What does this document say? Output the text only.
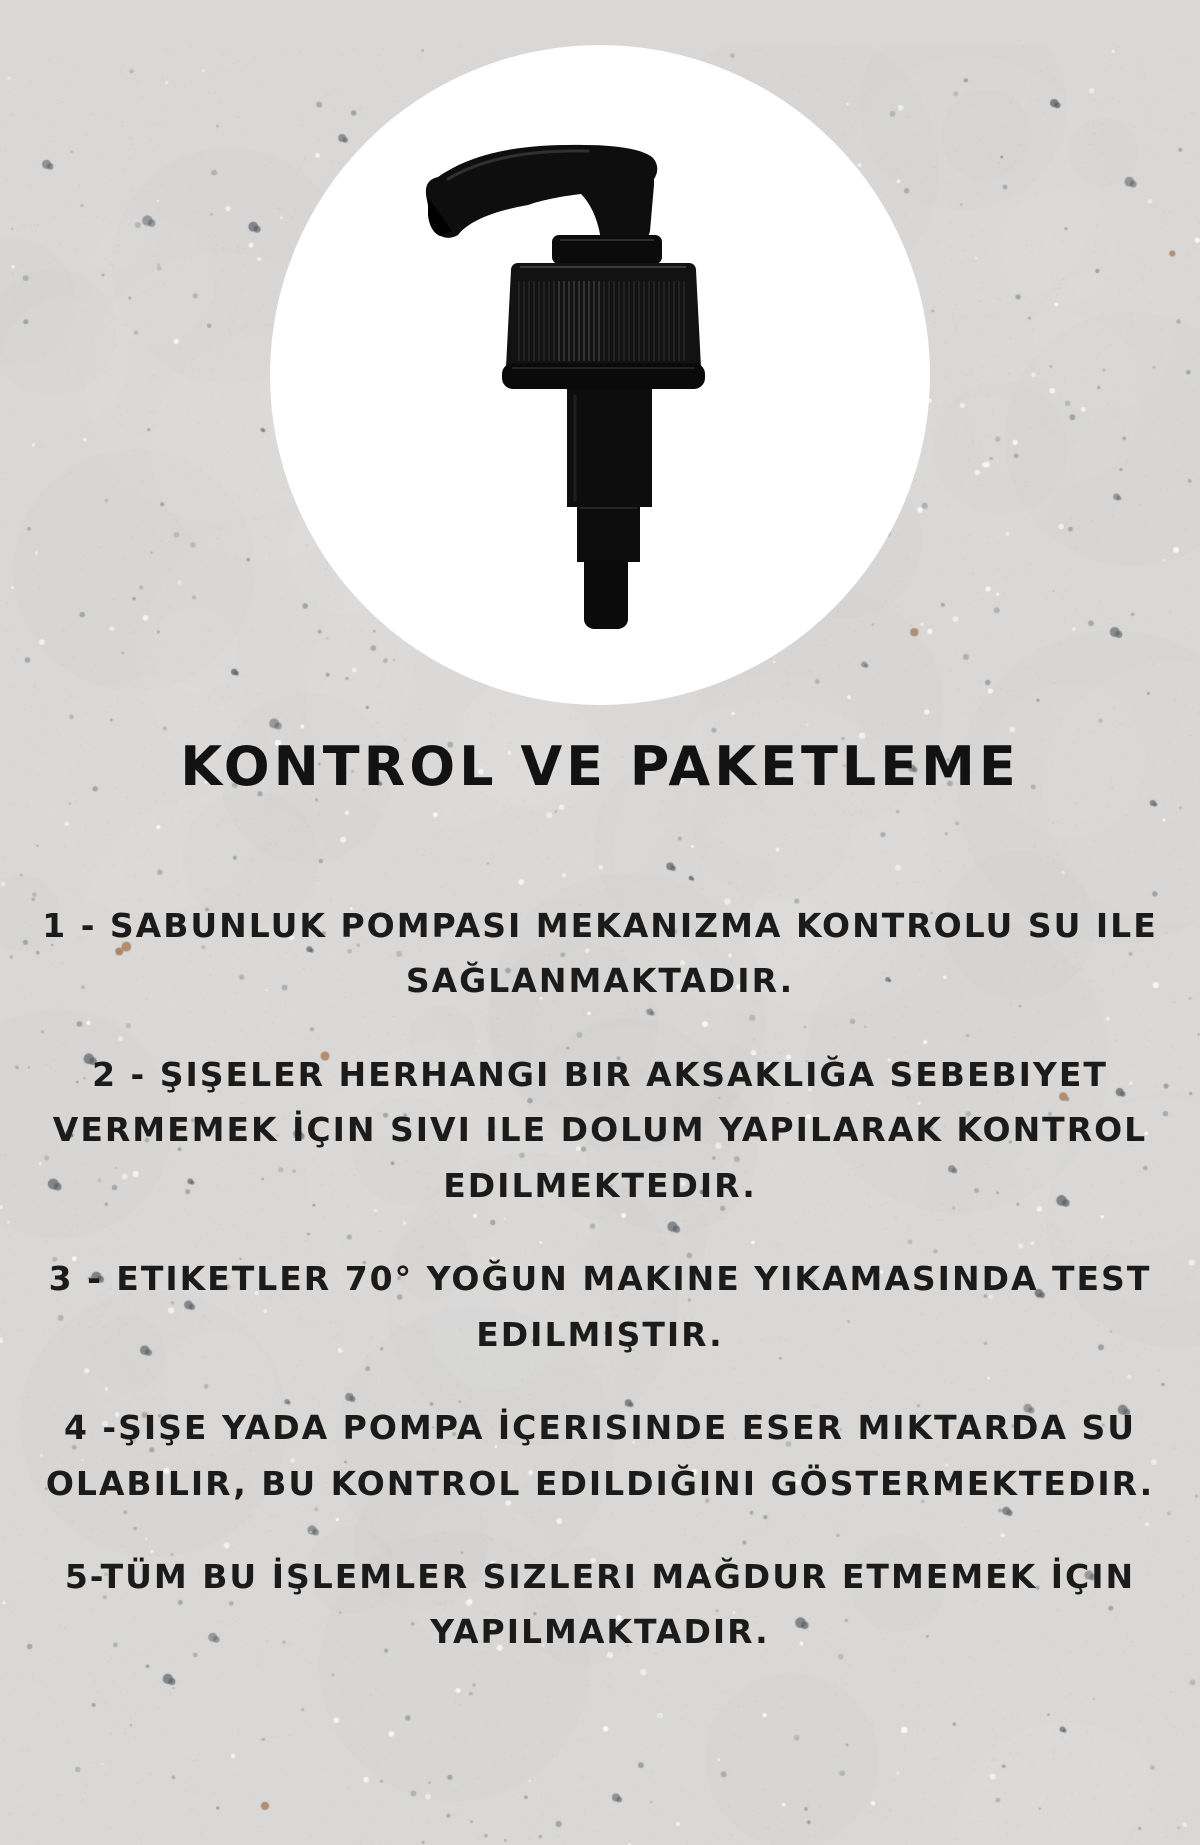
KONTROL VE PAKETLEME

1 - SABUNLUK POMPASI MEKANIZMA KONTROLU SU ILE
SAĞLANMAKTADIR.

2 - ŞIŞELER HERHANGI BIR AKSAKLIĞA SEBEBIYET
VERMEMEK İÇIN SIVI ILE DOLUM YAPILARAK KONTROL
EDILMEKTEDIR.

3 - ETIKETLER 70° YOĞUN MAKINE YIKAMASINDA TEST
EDILMIŞTIR.

4 -ŞIŞE YADA POMPA İÇERISINDE ESER MIKTARDA SU
OLABILIR, BU KONTROL EDILDIĞINI GÖSTERMEKTEDIR.

5-TÜM BU İŞLEMLER SIZLERI MAĞDUR ETMEMEK İÇIN
YAPILMAKTADIR.
